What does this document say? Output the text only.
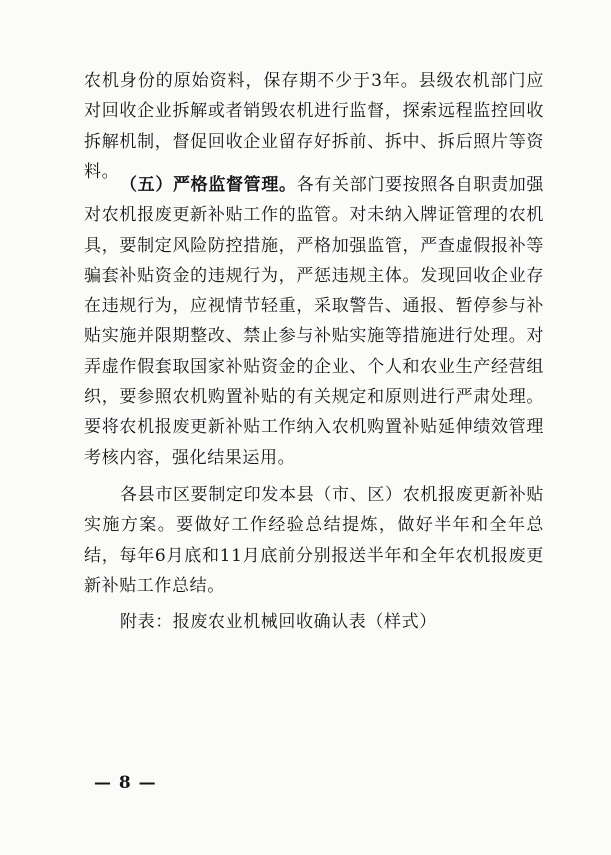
农机身份的原始资料，保存期不少于3年。县级农机部门应对回收企业拆解或者销毁农机进行监督，探索远程监控回收拆解机制，督促回收企业留存好拆前、拆中、拆后照片等资料。

（五）严格监督管理。各有关部门要按照各自职责加强对农机报废更新补贴工作的监管。对未纳入牌证管理的农机具，要制定风险防控措施，严格加强监管，严查虚假报补等骗套补贴资金的违规行为，严惩违规主体。发现回收企业存在违规行为，应视情节轻重，采取警告、通报、暂停参与补贴实施并限期整改、禁止参与补贴实施等措施进行处理。对弄虚作假套取国家补贴资金的企业、个人和农业生产经营组织，要参照农机购置补贴的有关规定和原则进行严肃处理。要将农机报废更新补贴工作纳入农机购置补贴延伸绩效管理考核内容，强化结果运用。

各县市区要制定印发本县（市、区）农机报废更新补贴实施方案。要做好工作经验总结提炼，做好半年和全年总结，每年6月底和11月底前分别报送半年和全年农机报废更新补贴工作总结。

附表：报废农业机械回收确认表（样式）

— 8 —
